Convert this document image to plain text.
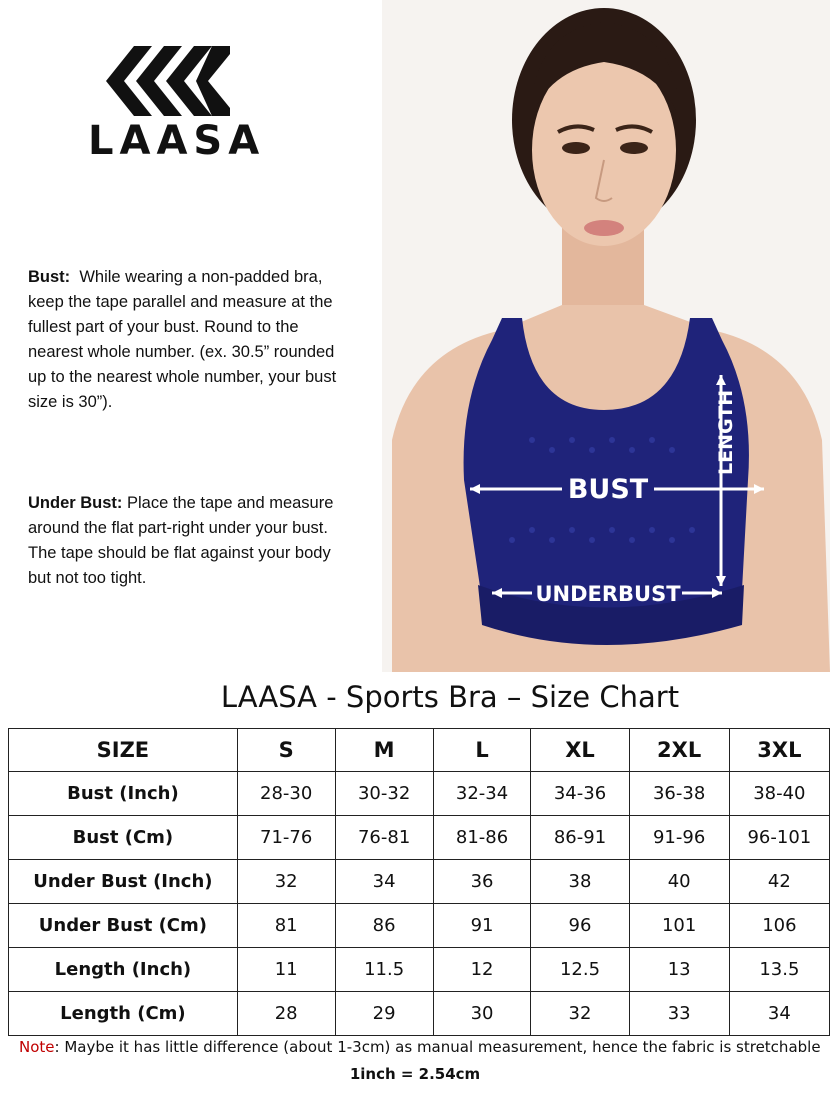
LAASA
Bust: While wearing a non-padded bra, keep the tape parallel and measure at the fullest part of your bust. Round to the nearest whole number. (ex. 30.5” rounded up to the nearest whole number, your bust size is 30”).
Under Bust: Place the tape and measure around the flat part-right under your bust. The tape should be flat against your body but not too tight.
BUST
UNDERBUST
LENGTH
LAASA - Sports Bra – Size Chart
SIZE	S	M	L	XL	2XL	3XL
Bust (Inch)	28-30	30-32	32-34	34-36	36-38	38-40
Bust (Cm)	71-76	76-81	81-86	86-91	91-96	96-101
Under Bust (Inch)	32	34	36	38	40	42
Under Bust (Cm)	81	86	91	96	101	106
Length (Inch)	11	11.5	12	12.5	13	13.5
Length (Cm)	28	29	30	32	33	34
Note: Maybe it has little difference (about 1-3cm) as manual measurement, hence the fabric is stretchable
1inch = 2.54cm
